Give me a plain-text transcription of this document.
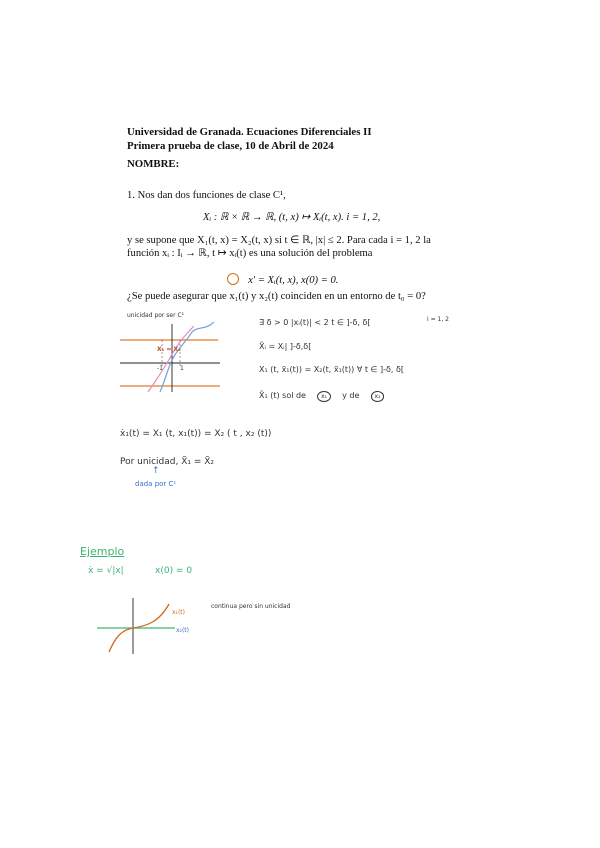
Universidad de Granada. Ecuaciones Diferenciales II
Primera prueba de clase, 10 de Abril de 2024
NOMBRE:
1. Nos dan dos funciones de clase C¹,
Xᵢ : ℝ × ℝ → ℝ, (t, x) ↦ Xᵢ(t, x). i = 1, 2,
y se supone que X₁(t, x) = X₂(t, x) si t ∈ ℝ, |x| ≤ 2. Para cada i = 1, 2 la
función xᵢ : Iᵢ → ℝ, t ↦ xᵢ(t) es una solución del problema
x′ = Xᵢ(t, x), x(0) = 0.
¿Se puede asegurar que x₁(t) y x₂(t) coinciden en un entorno de t₀ = 0?
unicidad por ser C¹
X₁ = X₂
-1	1
∃ δ > 0 |xᵢ(t)| < 2 t ∈ ]-δ, δ[	i = 1, 2
X̃ᵢ = Xᵢ| ]-δ,δ[
X₁ (t, x̃₁(t)) = X₂(t, x̃₁(t)) ∀ t ∈ ]-δ, δ[
X̃₁ (t) sol de	x₁ y de	x₂
ẋ₁(t) = X₁ (t, x₁(t)) = X₂ ( t , x₂ (t))
Por unicidad, X̃₁ = X̃₂
↑
dada por C¹
Ejemplo
ẋ = √|x|	x(0) = 0
x₁(t)
x₂(t)
continua pero sin unicidad
